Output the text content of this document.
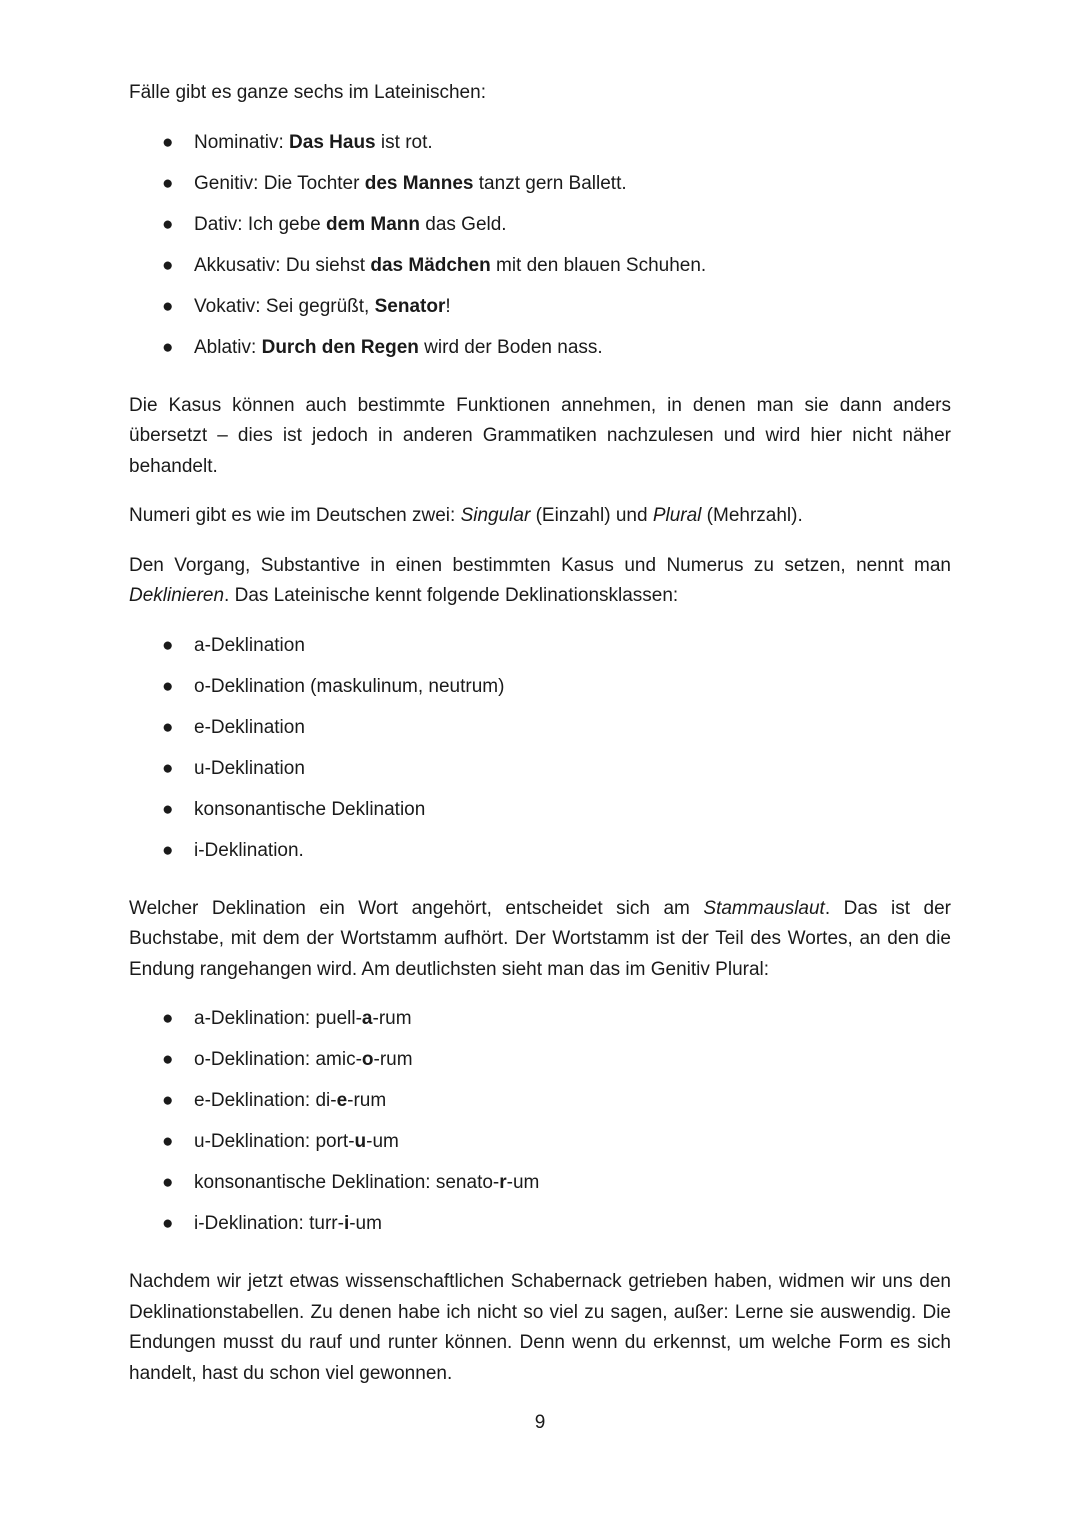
Fälle gibt es ganze sechs im Lateinischen:

● Nominativ: Das Haus ist rot.
● Genitiv: Die Tochter des Mannes tanzt gern Ballett.
● Dativ: Ich gebe dem Mann das Geld.
● Akkusativ: Du siehst das Mädchen mit den blauen Schuhen.
● Vokativ: Sei gegrüßt, Senator!
● Ablativ: Durch den Regen wird der Boden nass.

Die Kasus können auch bestimmte Funktionen annehmen, in denen man sie dann anders übersetzt – dies ist jedoch in anderen Grammatiken nachzulesen und wird hier nicht näher behandelt.

Numeri gibt es wie im Deutschen zwei: Singular (Einzahl) und Plural (Mehrzahl).

Den Vorgang, Substantive in einen bestimmten Kasus und Numerus zu setzen, nennt man Deklinieren. Das Lateinische kennt folgende Deklinationsklassen:

● a-Deklination
● o-Deklination (maskulinum, neutrum)
● e-Deklination
● u-Deklination
● konsonantische Deklination
● i-Deklination.

Welcher Deklination ein Wort angehört, entscheidet sich am Stammauslaut. Das ist der Buchstabe, mit dem der Wortstamm aufhört. Der Wortstamm ist der Teil des Wortes, an den die Endung rangehangen wird. Am deutlichsten sieht man das im Genitiv Plural:

● a-Deklination: puell-a-rum
● o-Deklination: amic-o-rum
● e-Deklination: di-e-rum
● u-Deklination: port-u-um
● konsonantische Deklination: senato-r-um
● i-Deklination: turr-i-um

Nachdem wir jetzt etwas wissenschaftlichen Schabernack getrieben haben, widmen wir uns den Deklinationstabellen. Zu denen habe ich nicht so viel zu sagen, außer: Lerne sie auswendig. Die Endungen musst du rauf und runter können. Denn wenn du erkennst, um welche Form es sich handelt, hast du schon viel gewonnen.

9
